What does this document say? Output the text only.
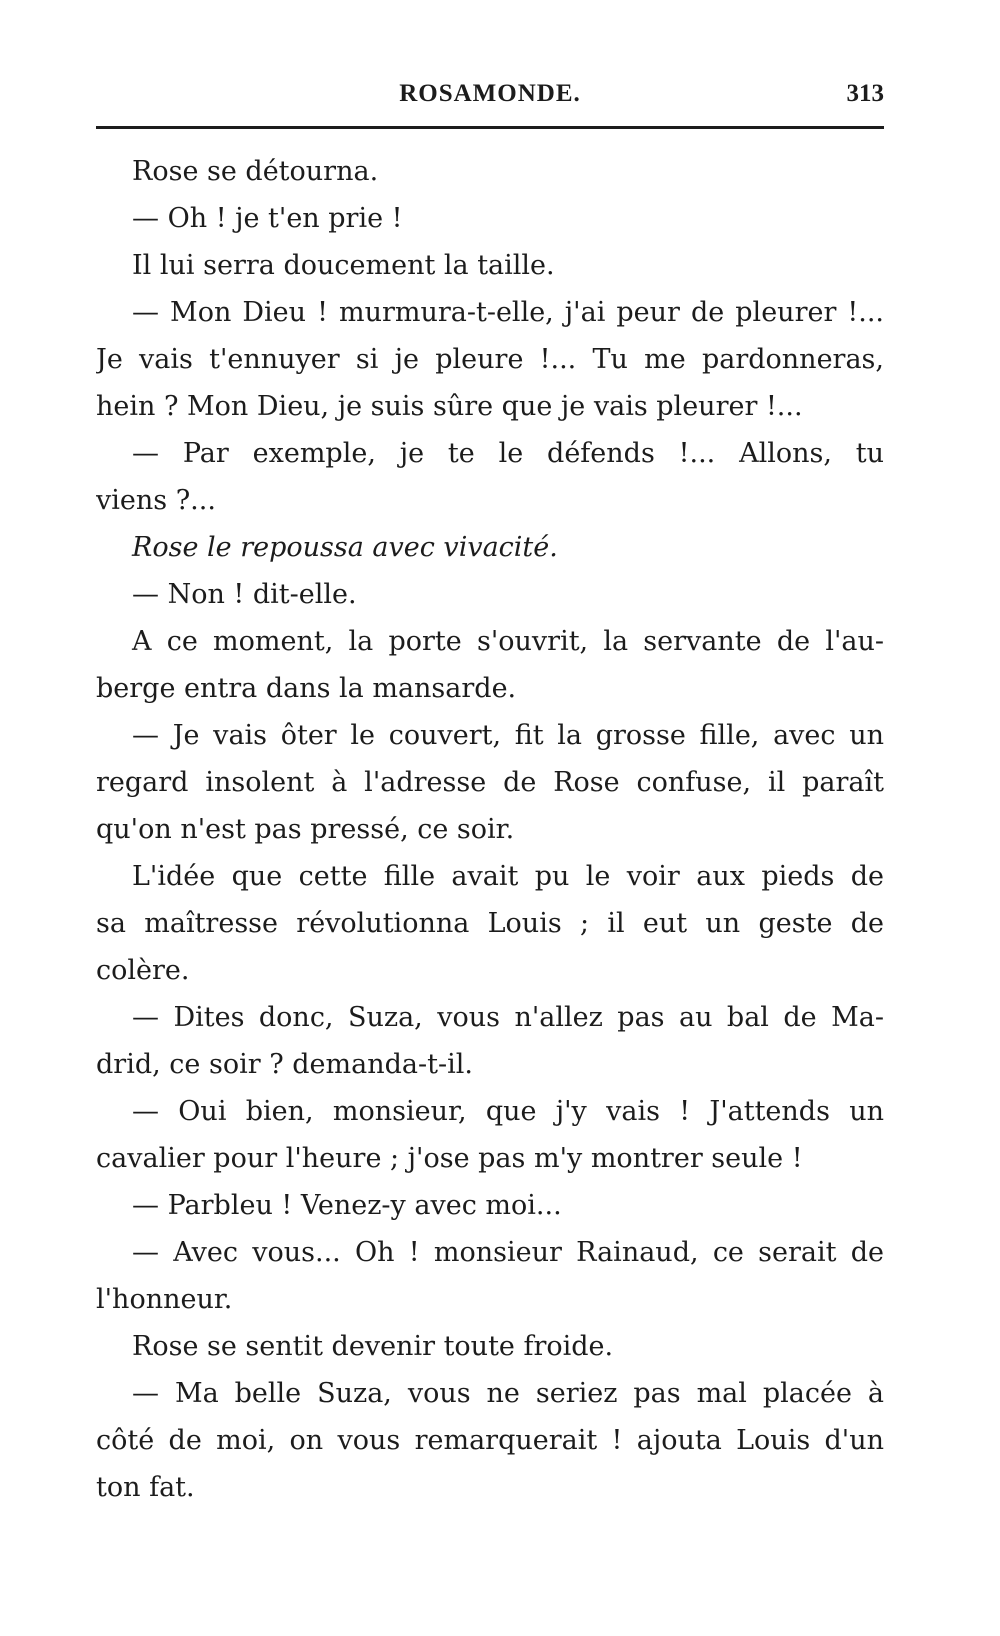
ROSAMONDE.	313
Rose se détourna.
— Oh ! je t'en prie !
Il lui serra doucement la taille.
— Mon Dieu ! murmura-t-elle, j'ai peur de pleurer !...
Je vais t'ennuyer si je pleure !... Tu me pardonneras,
hein ? Mon Dieu, je suis sûre que je vais pleurer !...
— Par exemple, je te le défends !... Allons, tu
viens ?...
Rose le repoussa avec vivacité.
— Non ! dit-elle.
A ce moment, la porte s'ouvrit, la servante de l'au-
berge entra dans la mansarde.
— Je vais ôter le couvert, fit la grosse fille, avec un
regard insolent à l'adresse de Rose confuse, il paraît
qu'on n'est pas pressé, ce soir.
L'idée que cette fille avait pu le voir aux pieds de
sa maîtresse révolutionna Louis ; il eut un geste de
colère.
— Dites donc, Suza, vous n'allez pas au bal de Ma-
drid, ce soir ? demanda-t-il.
— Oui bien, monsieur, que j'y vais ! J'attends un
cavalier pour l'heure ; j'ose pas m'y montrer seule !
— Parbleu ! Venez-y avec moi...
— Avec vous... Oh ! monsieur Rainaud, ce serait de
l'honneur.
Rose se sentit devenir toute froide.
— Ma belle Suza, vous ne seriez pas mal placée à
côté de moi, on vous remarquerait ! ajouta Louis d'un
ton fat.
